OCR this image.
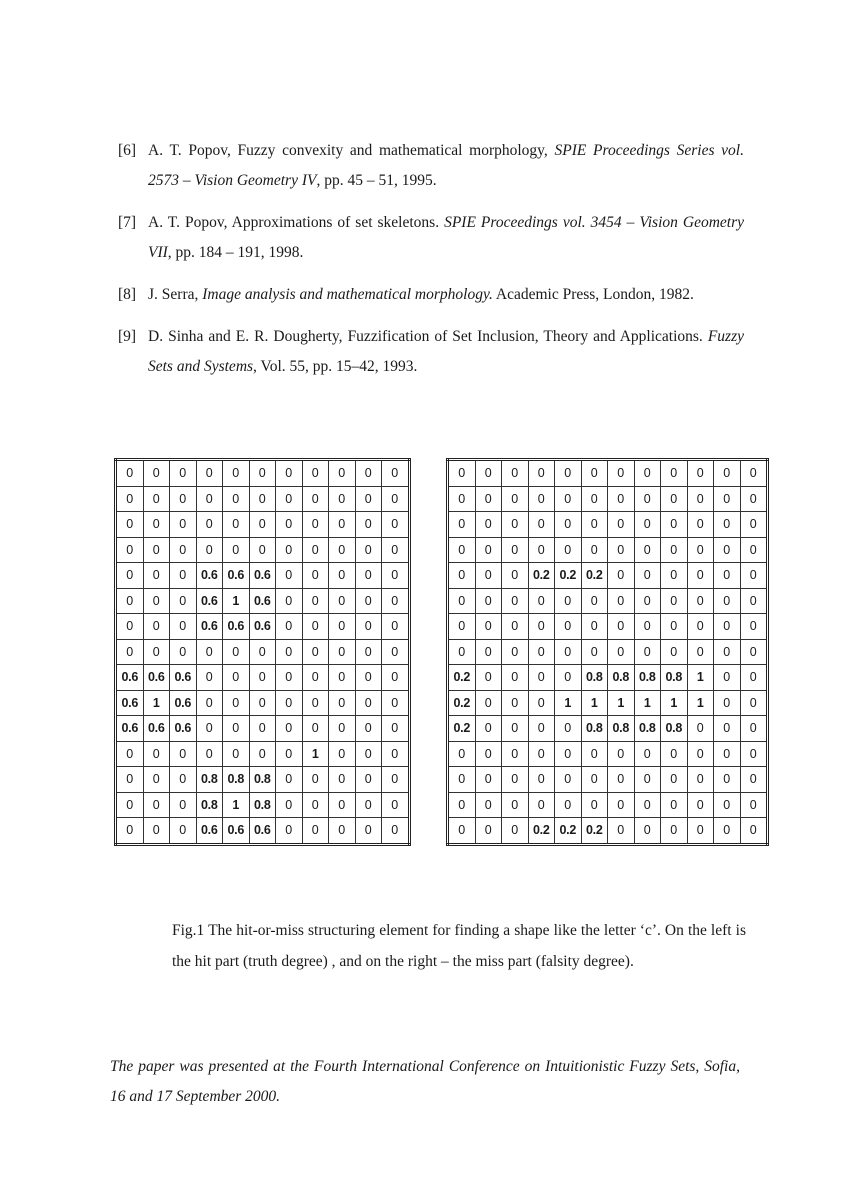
[6] A. T. Popov, Fuzzy convexity and mathematical morphology, SPIE Proceedings Series vol. 2573 – Vision Geometry IV, pp. 45 – 51, 1995.
[7] A. T. Popov, Approximations of set skeletons. SPIE Proceedings vol. 3454 – Vision Geometry VII, pp. 184 – 191, 1998.
[8] J. Serra, Image analysis and mathematical morphology. Academic Press, London, 1982.
[9] D. Sinha and E. R. Dougherty, Fuzzification of Set Inclusion, Theory and Applications. Fuzzy Sets and Systems, Vol. 55, pp. 15–42, 1993.
0	0	0	0	0	0	0	0	0	0	0
0	0	0	0	0	0	0	0	0	0	0
0	0	0	0	0	0	0	0	0	0	0
0	0	0	0	0	0	0	0	0	0	0
0	0	0	0.6	0.6	0.6	0	0	0	0	0
0	0	0	0.6	1	0.6	0	0	0	0	0
0	0	0	0.6	0.6	0.6	0	0	0	0	0
0	0	0	0	0	0	0	0	0	0	0
0.6	0.6	0.6	0	0	0	0	0	0	0	0
0.6	1	0.6	0	0	0	0	0	0	0	0
0.6	0.6	0.6	0	0	0	0	0	0	0	0
0	0	0	0	0	0	0	1	0	0	0
0	0	0	0.8	0.8	0.8	0	0	0	0	0
0	0	0	0.8	1	0.8	0	0	0	0	0
0	0	0	0.6	0.6	0.6	0	0	0	0	0
0	0	0	0	0	0	0	0	0	0	0	0
0	0	0	0	0	0	0	0	0	0	0	0
0	0	0	0	0	0	0	0	0	0	0	0
0	0	0	0	0	0	0	0	0	0	0	0
0	0	0	0.2	0.2	0.2	0	0	0	0	0	0
0	0	0	0	0	0	0	0	0	0	0	0
0	0	0	0	0	0	0	0	0	0	0	0
0	0	0	0	0	0	0	0	0	0	0	0
0.2	0	0	0	0	0.8	0.8	0.8	0.8	1	0	0
0.2	0	0	0	1	1	1	1	1	1	0	0
0.2	0	0	0	0	0.8	0.8	0.8	0.8	0	0	0
0	0	0	0	0	0	0	0	0	0	0	0
0	0	0	0	0	0	0	0	0	0	0	0
0	0	0	0	0	0	0	0	0	0	0	0
0	0	0	0.2	0.2	0.2	0	0	0	0	0	0
Fig.1 The hit-or-miss structuring element for finding a shape like the letter ‘c’. On the left is the hit part (truth degree) , and on the right – the miss part (falsity degree).
The paper was presented at the Fourth International Conference on Intuitionistic Fuzzy Sets, Sofia, 16 and 17 September 2000.
